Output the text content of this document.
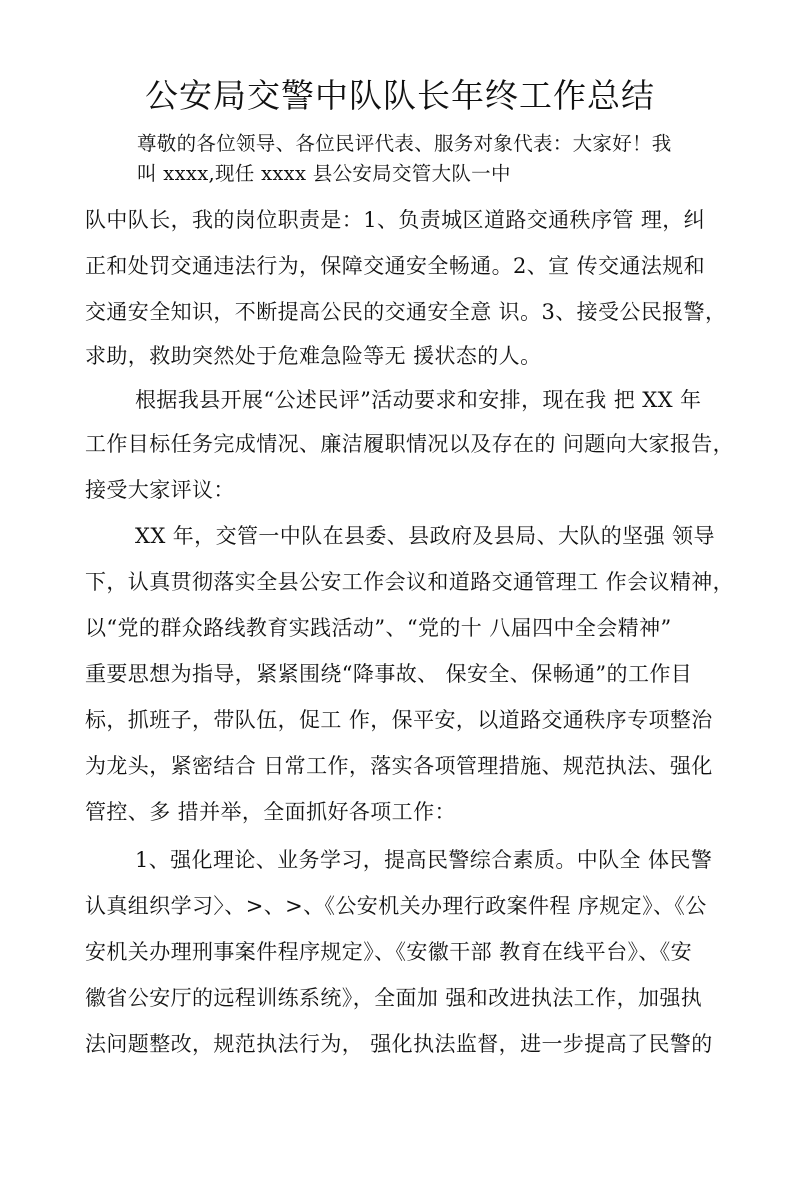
公安局交警中队队长年终工作总结
尊敬的各位领导、各位民评代表、服务对象代表：大家好！我
叫 xxxx,现任 xxxx 县公安局交管大队一中
队中队长，我的岗位职责是：1、负责城区道路交通秩序管 理，纠
正和处罚交通违法行为，保障交通安全畅通。2、宣 传交通法规和
交通安全知识，不断提高公民的交通安全意 识。3、接受公民报警，
求助，救助突然处于危难急险等无 援状态的人。
根据我县开展“公述民评”活动要求和安排，现在我 把 XX 年
工作目标任务完成情况、廉洁履职情况以及存在的 问题向大家报告，
接受大家评议：
XX 年，交管一中队在县委、县政府及县局、大队的坚强 领导
下，认真贯彻落实全县公安工作会议和道路交通管理工 作会议精神，
以“党的群众路线教育实践活动”、“党的十 八届四中全会精神”
重要思想为指导，紧紧围绕“降事故、 保安全、保畅通”的工作目
标，抓班子，带队伍，促工 作，保平安，以道路交通秩序专项整治
为龙头，紧密结合 日常工作，落实各项管理措施、规范执法、强化
管控、多 措并举，全面抓好各项工作：
1、强化理论、业务学习，提高民警综合素质。中队全 体民警
认真组织学习〉、>、>、《公安机关办理行政案件程 序规定》、《公
安机关办理刑事案件程序规定》、《安徽干部 教育在线平台》、《安
徽省公安厅的远程训练系统》，全面加 强和改进执法工作，加强执
法问题整改，规范执法行为， 强化执法监督，进一步提高了民警的
